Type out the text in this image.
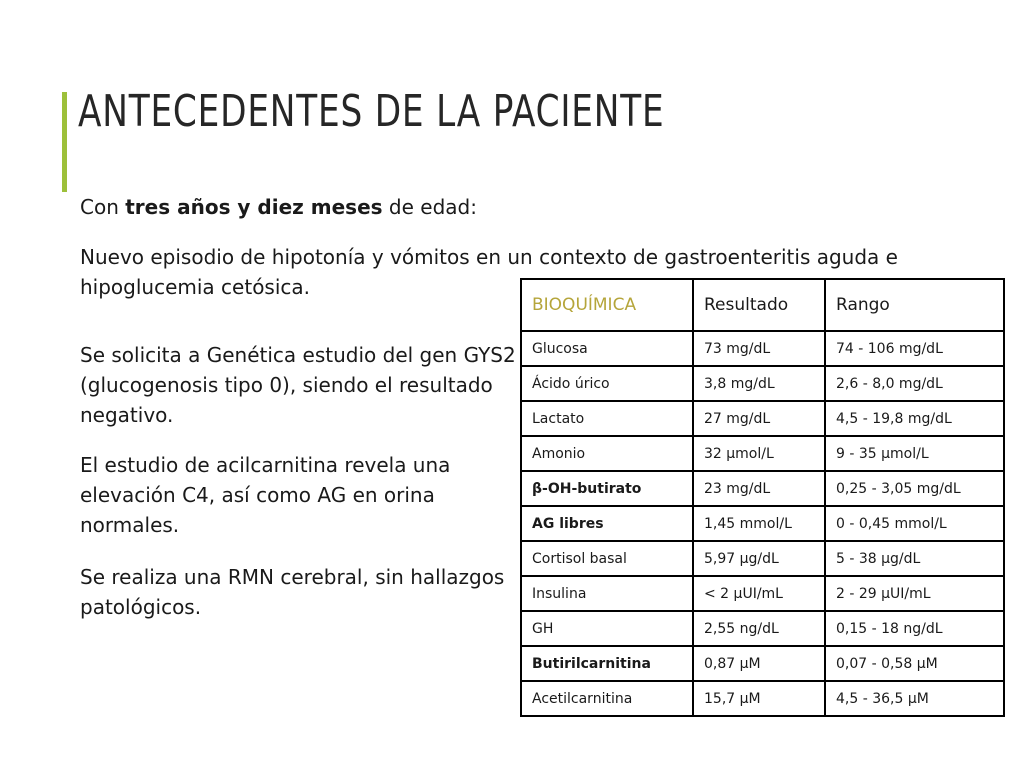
ANTECEDENTES DE LA PACIENTE

Con tres años y diez meses de edad:

Nuevo episodio de hipotonía y vómitos en un contexto de gastroenteritis aguda e hipoglucemia cetósica.

Se solicita a Genética estudio del gen GYS2 (glucogenosis tipo 0), siendo el resultado negativo.

El estudio de acilcarnitina revela una elevación C4, así como AG en orina normales.

Se realiza una RMN cerebral, sin hallazgos patológicos.

BIOQUÍMICA	Resultado	Rango
Glucosa	73 mg/dL	74 - 106 mg/dL
Ácido úrico	3,8 mg/dL	2,6 - 8,0 mg/dL
Lactato	27 mg/dL	4,5 - 19,8 mg/dL
Amonio	32 µmol/L	9 - 35 µmol/L
β-OH-butirato	23 mg/dL	0,25 - 3,05 mg/dL
AG libres	1,45 mmol/L	0 - 0,45 mmol/L
Cortisol basal	5,97 µg/dL	5 - 38 µg/dL
Insulina	< 2 µUI/mL	2 - 29 µUI/mL
GH	2,55 ng/dL	0,15 - 18 ng/dL
Butirilcarnitina	0,87 µM	0,07 - 0,58 µM
Acetilcarnitina	15,7 µM	4,5 - 36,5 µM
